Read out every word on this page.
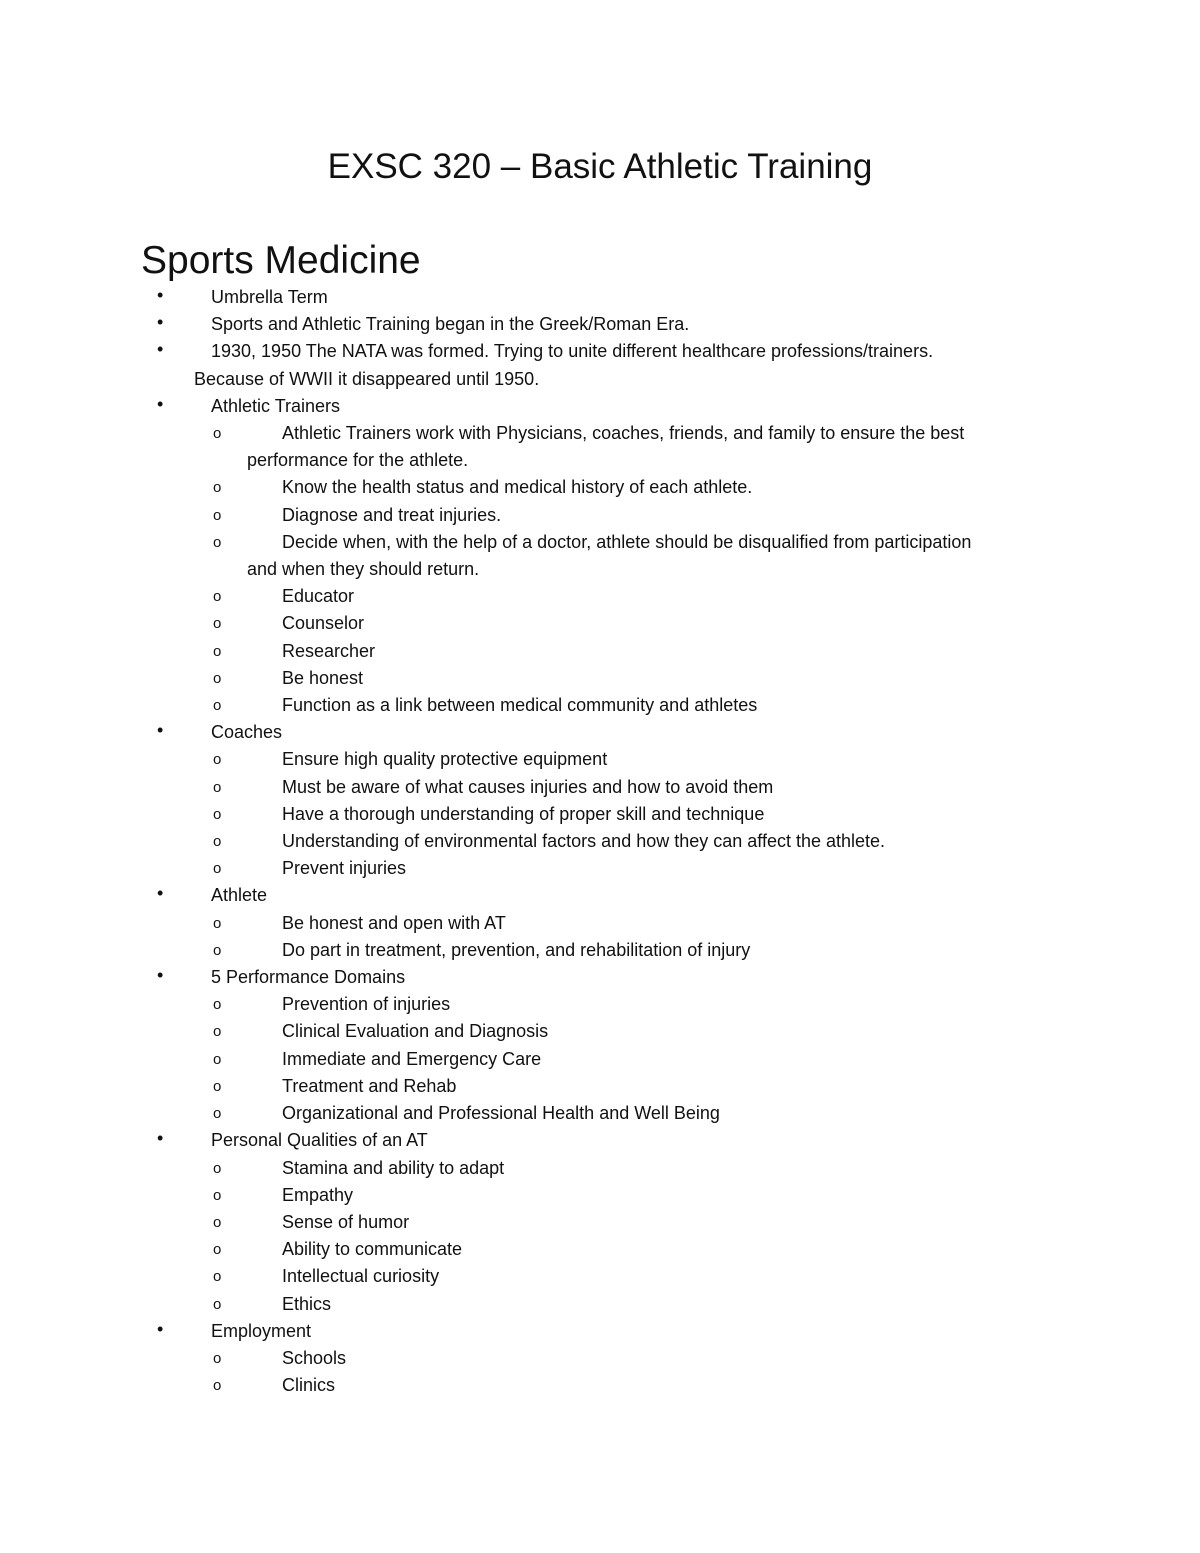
EXSC 320 – Basic Athletic Training
Sports Medicine
•	Umbrella Term
•	Sports and Athletic Training began in the Greek/Roman Era.
•	1930, 1950 The NATA was formed. Trying to unite different healthcare professions/trainers.
Because of WWII it disappeared until 1950.
•	Athletic Trainers
o	Athletic Trainers work with Physicians, coaches, friends, and family to ensure the best
performance for the athlete.
o	Know the health status and medical history of each athlete.
o	Diagnose and treat injuries.
o	Decide when, with the help of a doctor, athlete should be disqualified from participation
and when they should return.
o	Educator
o	Counselor
o	Researcher
o	Be honest
o	Function as a link between medical community and athletes
•	Coaches
o	Ensure high quality protective equipment
o	Must be aware of what causes injuries and how to avoid them
o	Have a thorough understanding of proper skill and technique
o	Understanding of environmental factors and how they can affect the athlete.
o	Prevent injuries
•	Athlete
o	Be honest and open with AT
o	Do part in treatment, prevention, and rehabilitation of injury
•	5 Performance Domains
o	Prevention of injuries
o	Clinical Evaluation and Diagnosis
o	Immediate and Emergency Care
o	Treatment and Rehab
o	Organizational and Professional Health and Well Being
•	Personal Qualities of an AT
o	Stamina and ability to adapt
o	Empathy
o	Sense of humor
o	Ability to communicate
o	Intellectual curiosity
o	Ethics
•	Employment
o	Schools
o	Clinics
